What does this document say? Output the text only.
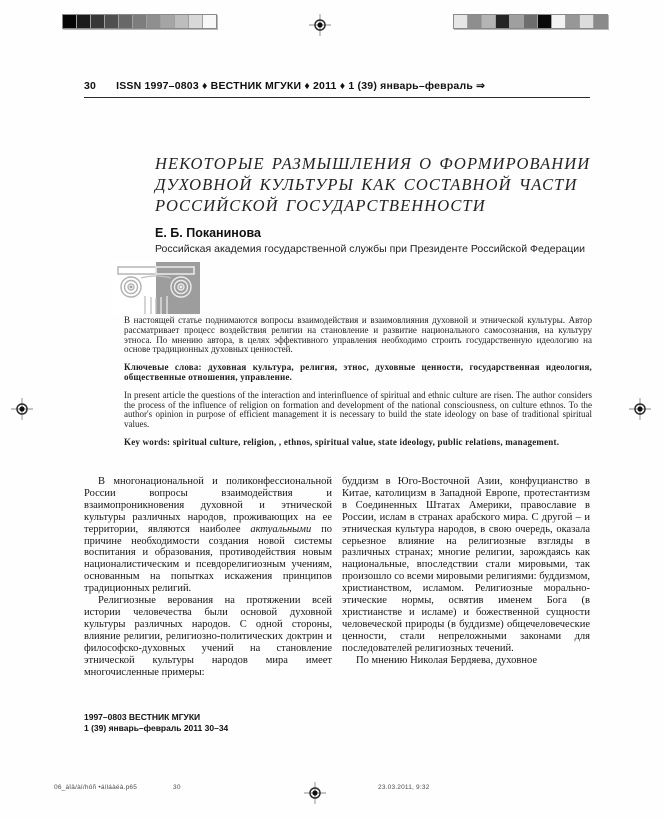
30 ISSN 1997–0803 ♦ ВЕСТНИК МГУКИ ♦ 2011 ♦ 1 (39) январь–февраль ⇒
НЕКОТОРЫЕ РАЗМЫШЛЕНИЯ О ФОРМИРОВАНИИ
ДУХОВНОЙ КУЛЬТУРЫ КАК СОСТАВНОЙ ЧАСТИ
РОССИЙСКОЙ ГОСУДАРСТВЕННОСТИ
Е. Б. Поканинова
Российская академия государственной службы при Президенте Российской Федерации

В настоящей статье поднимаются вопросы взаимодействия и взаимовлияния духовной и этнической культуры. Автор рассматривает процесс воздействия религии на становление и развитие национального самосознания, на культуру этноса. По мнению автора, в целях эффективного управления необходимо строить государственную идеологию на основе традиционных духовных ценностей.

Ключевые слова: духовная культура, религия, этнос, духовные ценности, государственная идеология, общественные отношения, управление.

In present article the questions of the interaction and interinfluence of spiritual and ethnic culture are risen. The author considers the process of the influence of religion on formation and development of the national consciousness, on culture ethnos. To the author's opinion in purpose of efficient management it is necessary to build the state ideology on base of traditional spiritual values.

Key words: spiritual culture, religion, , ethnos, spiritual value, state ideology, public relations, management.

В многонациональной и поликонфессиональной России вопросы взаимодействия и взаимопроникновения духовной и этнической культуры различных народов, проживающих на ее территории, являются наиболее актуальными по причине необходимости создания новой системы воспитания и образования, противодействия новым националистическим и псевдорелигиозным учениям, основанным на попытках искажения принципов традиционных религий.

Религиозные верования на протяжении всей истории человечества были основой духовной культуры различных народов. С одной стороны, влияние религии, религиозно-политических доктрин и философско-духовных учений на становление этнической культуры народов мира имеет многочисленные примеры:

буддизм в Юго-Восточной Азии, конфуцианство в Китае, католицизм в Западной Европе, протестантизм в Соединенных Штатах Америки, православие в России, ислам в странах арабского мира. С другой – и этническая культура народов, в свою очередь, оказала серьезное влияние на религиозные взгляды в различных странах; многие религии, зарождаясь как национальные, впоследствии стали мировыми, так произошло со всеми мировыми религиями: буддизмом, христианством, исламом. Религиозные морально-этические нормы, освятив именем Бога (в христианстве и исламе) и божественной сущности человеческой природы (в буддизме) общечеловеческие ценности, стали непреложными законами для последователей религиозных течений.

По мнению Николая Бердяева, духовное

1997–0803 ВЕСТНИК МГУКИ
1 (39) январь–февраль 2011 30–34
06_àîä/àí/hôñ •áíláàéà.p65	30	23.03.2011, 9:32
